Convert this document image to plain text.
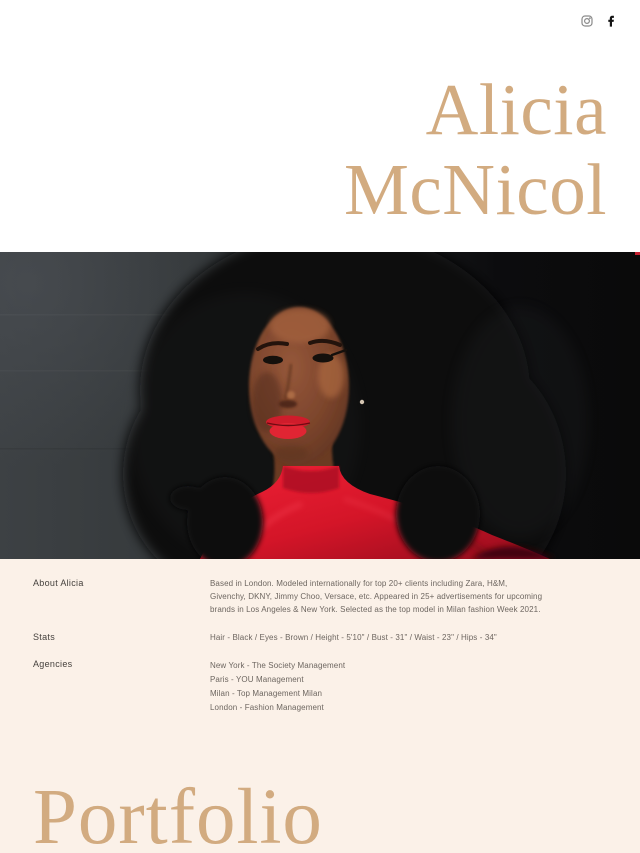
Alicia McNicol
About Alicia	Based in London. Modeled internationally for top 20+ clients including Zara, H&M,
Givenchy, DKNY, Jimmy Choo, Versace, etc. Appeared in 25+ advertisements for upcoming
brands in Los Angeles & New York. Selected as the top model in Milan fashion Week 2021.
Stats	Hair - Black / Eyes - Brown / Height - 5'10" / Bust - 31" / Waist - 23" / Hips - 34"
Agencies	New York - The Society Management
Paris - YOU Management
Milan - Top Management Milan
London - Fashion Management
Portfolio
